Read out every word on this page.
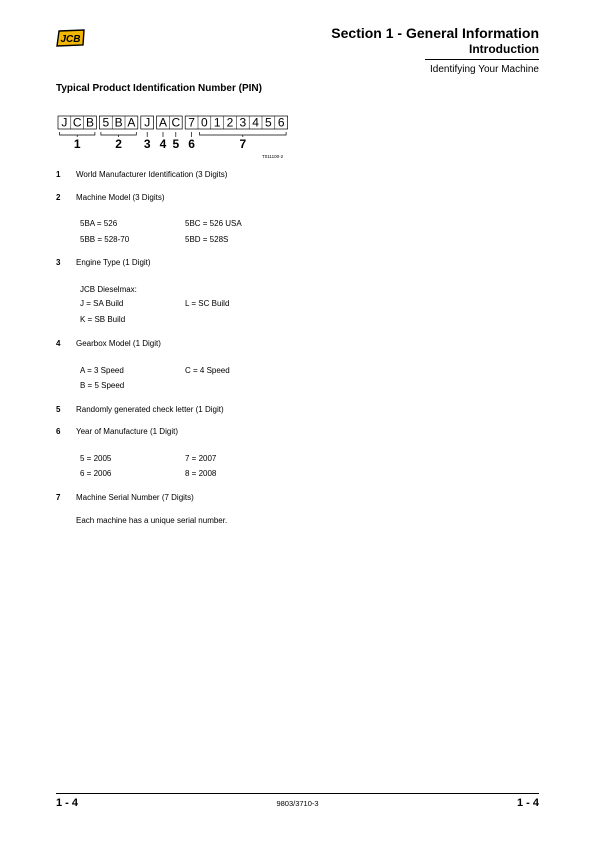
JCB	Section 1 - General Information
Introduction
Identifying Your Machine
Typical Product Identification Number (PIN)
J C B 5 B A J A C 7 0 1 2 3 4 5 6
1	2 3 4 5 6	7
T011100-2
1 World Manufacturer Identification (3 Digits)
2 Machine Model (3 Digits)
5BA = 526	5BC = 526 USA
5BB = 528-70	5BD = 528S
3 Engine Type (1 Digit)
JCB Dieselmax:
J = SA Build	L = SC Build
K = SB Build
4 Gearbox Model (1 Digit)
A = 3 Speed	C = 4 Speed
B = 5 Speed
5 Randomly generated check letter (1 Digit)
6 Year of Manufacture (1 Digit)
5 = 2005	7 = 2007
6 = 2006	8 = 2008
7 Machine Serial Number (7 Digits)
Each machine has a unique serial number.
1 - 4	9803/3710-3	1 - 4
